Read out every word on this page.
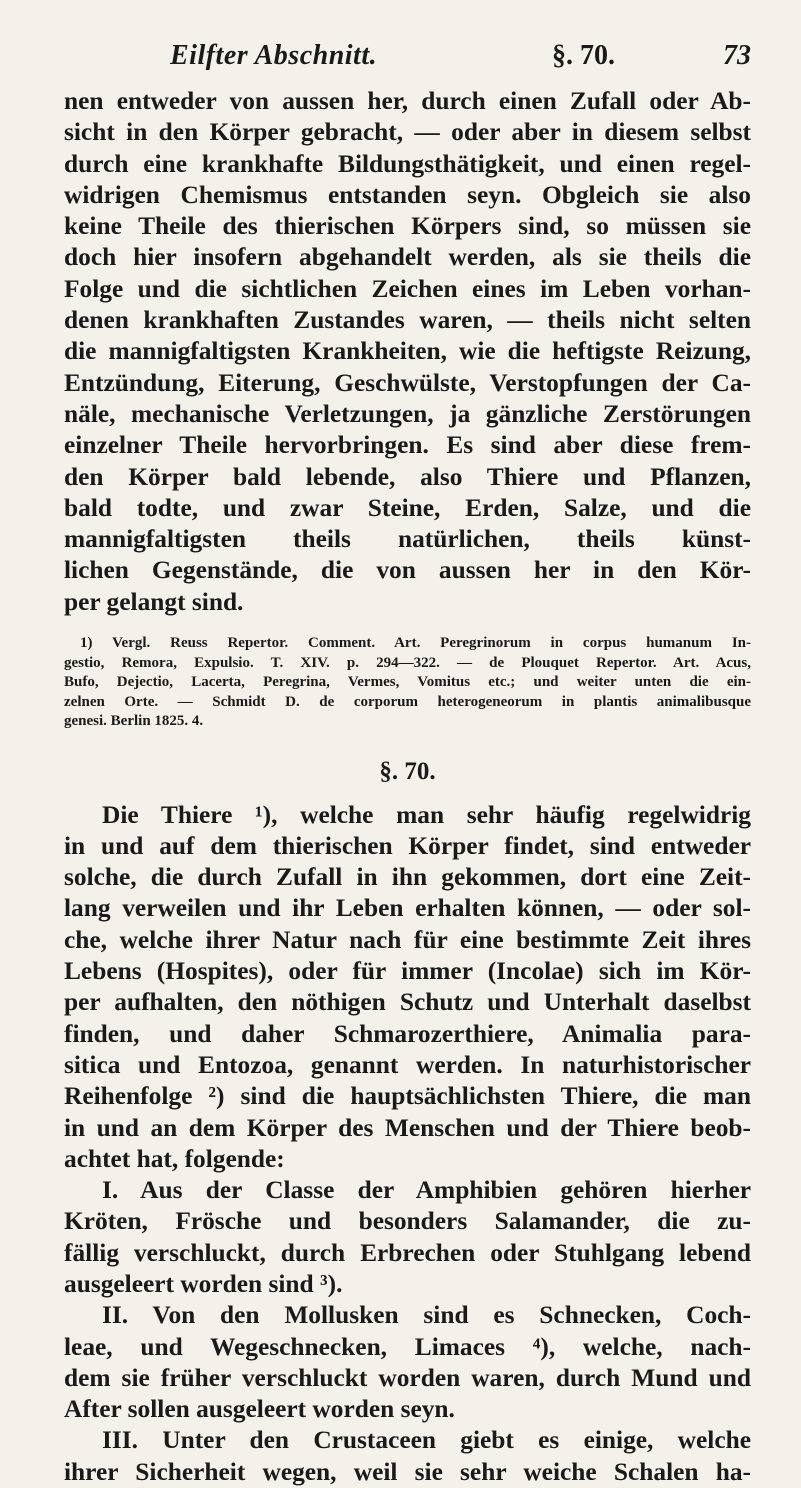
Eilfter Abschnitt.	§. 70.	73
nen entweder von aussen her, durch einen Zufall oder Ab-
sicht in den Körper gebracht, — oder aber in diesem selbst
durch eine krankhafte Bildungsthätigkeit, und einen regel-
widrigen Chemismus entstanden seyn. Obgleich sie also
keine Theile des thierischen Körpers sind, so müssen sie
doch hier insofern abgehandelt werden, als sie theils die
Folge und die sichtlichen Zeichen eines im Leben vorhan-
denen krankhaften Zustandes waren, — theils nicht selten
die mannigfaltigsten Krankheiten, wie die heftigste Reizung,
Entzündung, Eiterung, Geschwülste, Verstopfungen der Ca-
näle, mechanische Verletzungen, ja gänzliche Zerstörungen
einzelner Theile hervorbringen. Es sind aber diese frem-
den Körper bald lebende, also Thiere und Pflanzen,
bald todte, und zwar Steine, Erden, Salze, und die
mannigfaltigsten theils natürlichen, theils künst-
lichen Gegenstände, die von aussen her in den Kör-
per gelangt sind.
1) Vergl. Reuss Repertor. Comment. Art. Peregrinorum in corpus humanum In-
gestio, Remora, Expulsio. T. XIV. p. 294—322. — de Plouquet Repertor. Art. Acus,
Bufo, Dejectio, Lacerta, Peregrina, Vermes, Vomitus etc.; und weiter unten die ein-
zelnen Orte. — Schmidt D. de corporum heterogeneorum in plantis animalibusque
genesi. Berlin 1825. 4.
§. 70.
Die Thiere ¹), welche man sehr häufig regelwidrig
in und auf dem thierischen Körper findet, sind entweder
solche, die durch Zufall in ihn gekommen, dort eine Zeit-
lang verweilen und ihr Leben erhalten können, — oder sol-
che, welche ihrer Natur nach für eine bestimmte Zeit ihres
Lebens (Hospites), oder für immer (Incolae) sich im Kör-
per aufhalten, den nöthigen Schutz und Unterhalt daselbst
finden, und daher Schmarozerthiere, Animalia para-
sitica und Entozoa, genannt werden. In naturhistorischer
Reihenfolge ²) sind die hauptsächlichsten Thiere, die man
in und an dem Körper des Menschen und der Thiere beob-
achtet hat, folgende:
I. Aus der Classe der Amphibien gehören hierher
Kröten, Frösche und besonders Salamander, die zu-
fällig verschluckt, durch Erbrechen oder Stuhlgang lebend
ausgeleert worden sind ³).
II. Von den Mollusken sind es Schnecken, Coch-
leae, und Wegeschnecken, Limaces ⁴), welche, nach-
dem sie früher verschluckt worden waren, durch Mund und
After sollen ausgeleert worden seyn.
III. Unter den Crustaceen giebt es einige, welche
ihrer Sicherheit wegen, weil sie sehr weiche Schalen ha-
